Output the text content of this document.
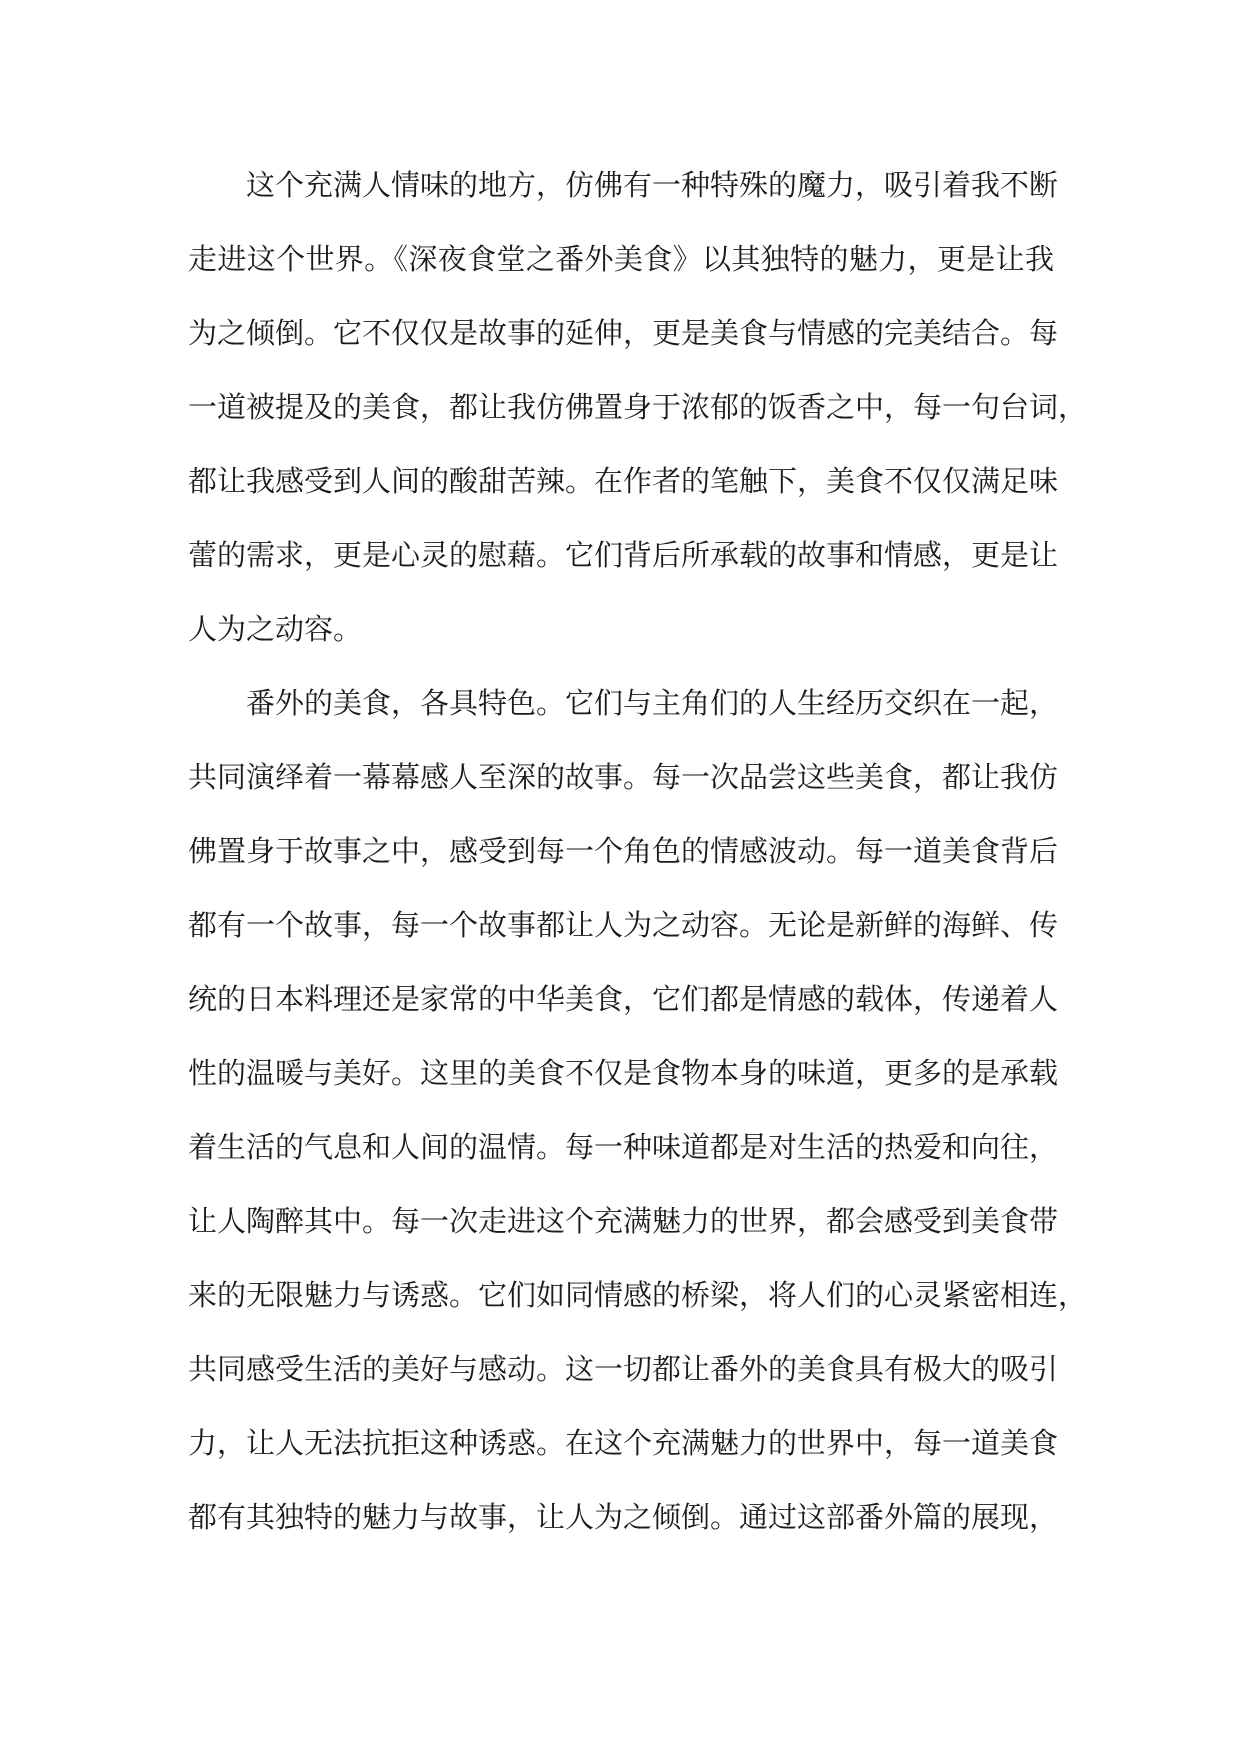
这个充满人情味的地方，仿佛有一种特殊的魔力，吸引着我不断
走进这个世界。《深夜食堂之番外美食》以其独特的魅力，更是让我
为之倾倒。它不仅仅是故事的延伸，更是美食与情感的完美结合。每
一道被提及的美食，都让我仿佛置身于浓郁的饭香之中，每一句台词，
都让我感受到人间的酸甜苦辣。在作者的笔触下，美食不仅仅满足味
蕾的需求，更是心灵的慰藉。它们背后所承载的故事和情感，更是让
人为之动容。

番外的美食，各具特色。它们与主角们的人生经历交织在一起，
共同演绎着一幕幕感人至深的故事。每一次品尝这些美食，都让我仿
佛置身于故事之中，感受到每一个角色的情感波动。每一道美食背后
都有一个故事，每一个故事都让人为之动容。无论是新鲜的海鲜、传
统的日本料理还是家常的中华美食，它们都是情感的载体，传递着人
性的温暖与美好。这里的美食不仅是食物本身的味道，更多的是承载
着生活的气息和人间的温情。每一种味道都是对生活的热爱和向往，
让人陶醉其中。每一次走进这个充满魅力的世界，都会感受到美食带
来的无限魅力与诱惑。它们如同情感的桥梁，将人们的心灵紧密相连，
共同感受生活的美好与感动。这一切都让番外的美食具有极大的吸引
力，让人无法抗拒这种诱惑。在这个充满魅力的世界中，每一道美食
都有其独特的魅力与故事，让人为之倾倒。通过这部番外篇的展现，
